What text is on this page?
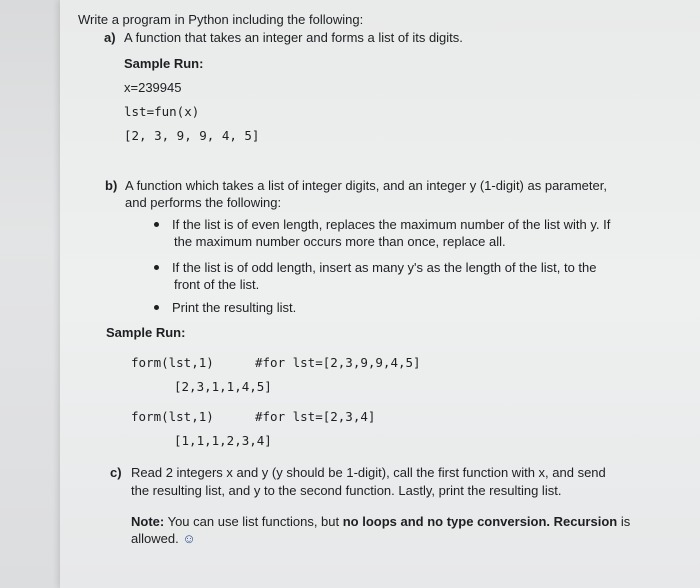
Write a program in Python including the following:
a) A function that takes an integer and forms a list of its digits.
Sample Run:
x=239945
lst=fun(x)
[2, 3, 9, 9, 4, 5]
b) A function which takes a list of integer digits, and an integer y (1-digit) as parameter,
and performs the following:
If the list is of even length, replaces the maximum number of the list with y. If
the maximum number occurs more than once, replace all.
If the list is of odd length, insert as many y's as the length of the list, to the
front of the list.
Print the resulting list.
Sample Run:
form(lst,1)	#for lst=[2,3,9,9,4,5]
[2,3,1,1,4,5]
form(lst,1)	#for lst=[2,3,4]
[1,1,1,2,3,4]
c) Read 2 integers x and y (y should be 1-digit), call the first function with x, and send
the resulting list, and y to the second function. Lastly, print the resulting list.
Note: You can use list functions, but no loops and no type conversion. Recursion is
allowed. ☺
